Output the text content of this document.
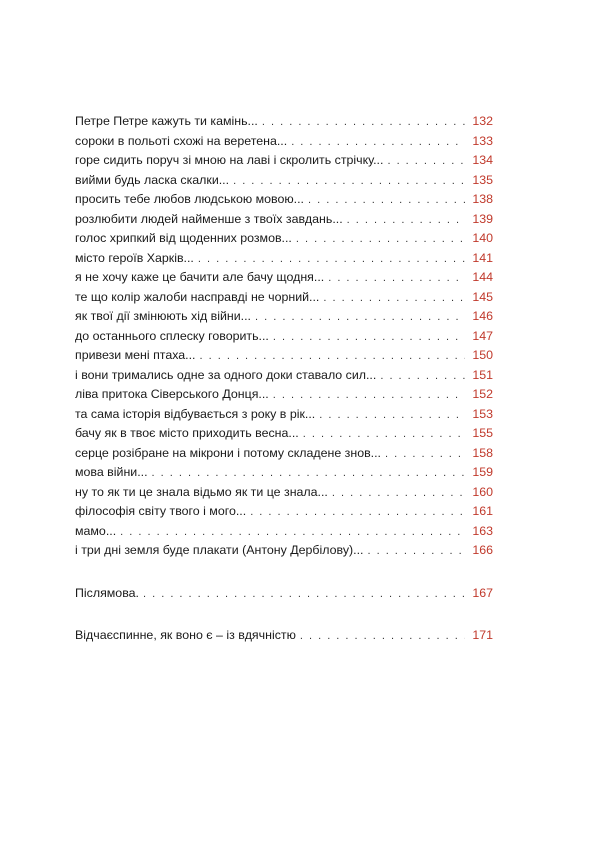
Петре Петре кажуть ти камінь... . . .	132
сороки в польоті схожі на веретена... . . .	133
горе сидить поруч зі мною на лаві і скролить стрічку... . . .	134
вийми будь ласка скалки... . . .	135
просить тебе любов людською мовою... . . .	138
розлюбити людей найменше з твоїх завдань... . . .	139
голос хрипкий від щоденних розмов... . . .	140
місто героїв Харків... . . .	141
я не хочу каже це бачити але бачу щодня... . . .	144
те що колір жалоби насправді не чорний... . . .	145
як твої дії змінюють хід війни... . . .	146
до останнього сплеску говорить... . . .	147
привези мені птаха... . . .	150
і вони тримались одне за одного доки ставало сил... . . .	151
ліва притока Сіверського Донця... . . .	152
та сама історія відбувається з року в рік... . . .	153
бачу як в твоє місто приходить весна... . . .	155
серце розібране на мікрони і потому складене знов... . . .	158
мова війни... . . .	159
ну то як ти це знала відьмо як ти це знала... . . .	160
філософія світу твого і мого... . . .	161
мамо... . . .	163
і три дні земля буде плакати (Антону Дербілову)... . . .	166
Післямова. . . .	167
Відчаєспинне, як воно є – із вдячністю . . .	171
